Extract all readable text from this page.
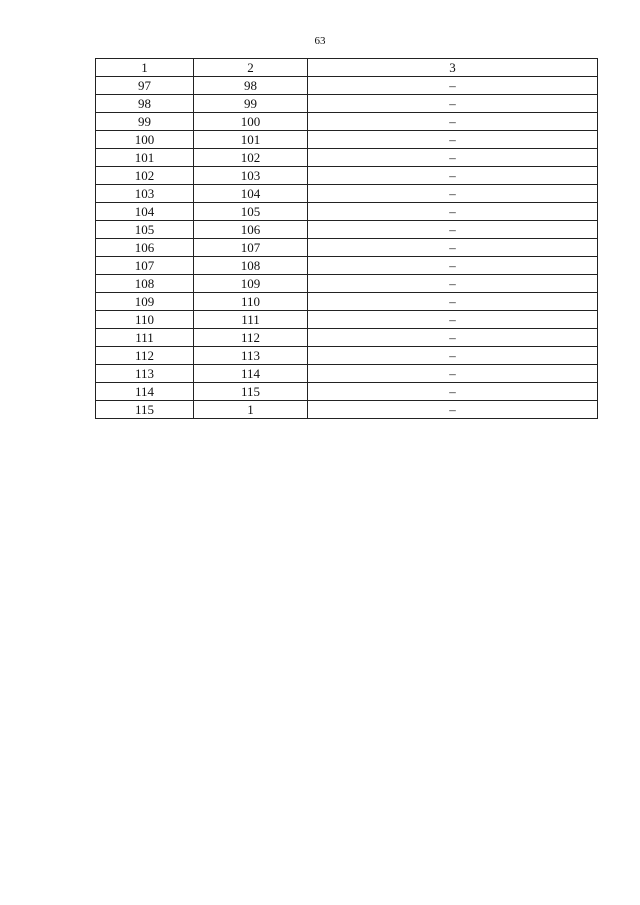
63
1	2	3
97	98	–
98	99	–
99	100	–
100	101	–
101	102	–
102	103	–
103	104	–
104	105	–
105	106	–
106	107	–
107	108	–
108	109	–
109	110	–
110	111	–
111	112	–
112	113	–
113	114	–
114	115	–
115	1	–
